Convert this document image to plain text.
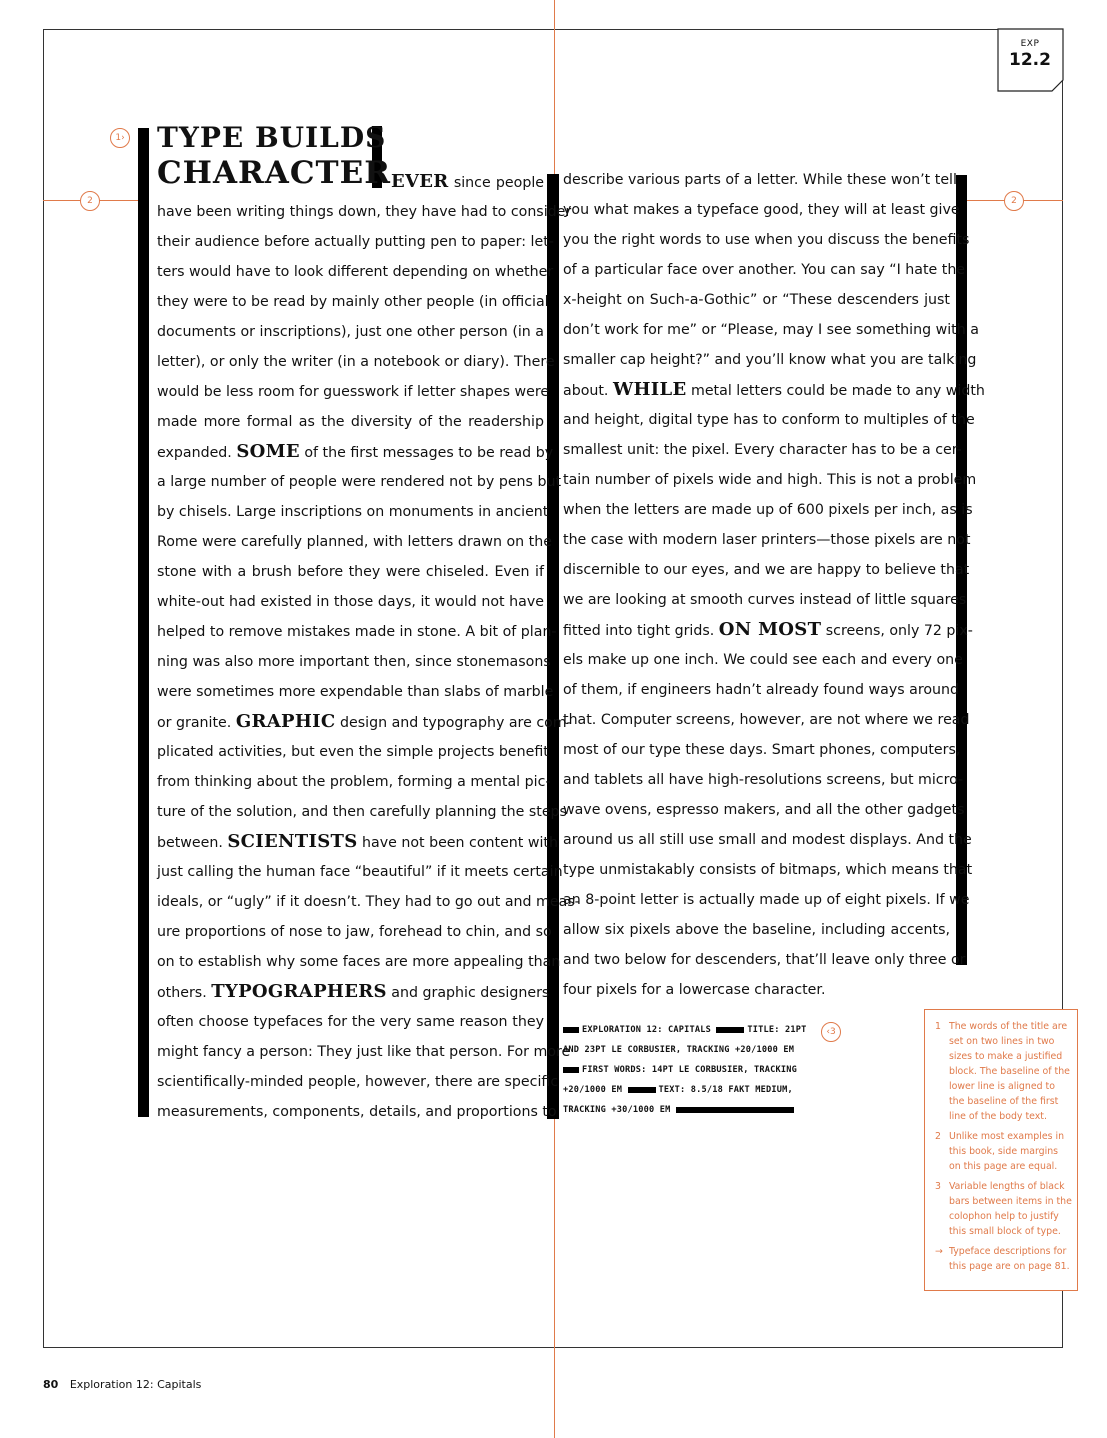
EXP
12.2
1›
2	2
‹3
TYPE BUILDS
CHARACTER EVER since people
have been writing things down, they have had to consider
their audience before actually putting pen to paper: let-
ters would have to look different depending on whether
they were to be read by mainly other people (in official
documents or inscriptions), just one other person (in a
letter), or only the writer (in a notebook or diary). There
would be less room for guesswork if letter shapes were
made more formal as the diversity of the readership
expanded. SOME of the first messages to be read by
a large number of people were rendered not by pens but
by chisels. Large inscriptions on monuments in ancient
Rome were carefully planned, with letters drawn on the
stone with a brush before they were chiseled. Even if
white-out had existed in those days, it would not have
helped to remove mistakes made in stone. A bit of plan-
ning was also more important then, since stonemasons
were sometimes more expendable than slabs of marble
or granite. GRAPHIC design and typography are com-
plicated activities, but even the simple projects benefit
from thinking about the problem, forming a mental pic-
ture of the solution, and then carefully planning the steps
between. SCIENTISTS have not been content with
just calling the human face “beautiful” if it meets certain
ideals, or “ugly” if it doesn’t. They had to go out and meas-
ure proportions of nose to jaw, forehead to chin, and so
on to establish why some faces are more appealing than
others. TYPOGRAPHERS and graphic designers
often choose typefaces for the very same reason they
might fancy a person: They just like that person. For more
scientifically-minded people, however, there are specific
measurements, components, details, and proportions to
describe various parts of a letter. While these won’t tell
you what makes a typeface good, they will at least give
you the right words to use when you discuss the benefits
of a particular face over another. You can say “I hate the
x-height on Such-a-Gothic” or “These descenders just
don’t work for me” or “Please, may I see something with a
smaller cap height?” and you’ll know what you are talking
about. WHILE metal letters could be made to any width
and height, digital type has to conform to multiples of the
smallest unit: the pixel. Every character has to be a cer-
tain number of pixels wide and high. This is not a problem
when the letters are made up of 600 pixels per inch, as is
the case with modern laser printers—those pixels are not
discernible to our eyes, and we are happy to believe that
we are looking at smooth curves instead of little squares
fitted into tight grids. ON MOST screens, only 72 pix-
els make up one inch. We could see each and every one
of them, if engineers hadn’t already found ways around
that. Computer screens, however, are not where we read
most of our type these days. Smart phones, computers,
and tablets all have high-resolutions screens, but micro-
wave ovens, espresso makers, and all the other gadgets
around us all still use small and modest displays. And the
type unmistakably consists of bitmaps, which means that
an 8-point letter is actually made up of eight pixels. If we
allow six pixels above the baseline, including accents,
and two below for descenders, that’ll leave only three or
four pixels for a lowercase character.
EXPLORATION 12: CAPITALS	TITLE: 21PT
AND 23PT LE CORBUSIER, TRACKING +20/1000 EM
FIRST WORDS: 14PT LE CORBUSIER, TRACKING
+20/1000 EM	TEXT: 8.5/18 FAKT MEDIUM,
TRACKING +30/1000 EM
1 The words of the title are
set on two lines in two
sizes to make a justified
block. The baseline of the
lower line is aligned to
the baseline of the first
line of the body text.
2 Unlike most examples in
this book, side margins
on this page are equal.
3 Variable lengths of black
bars between items in the
colophon help to justify
this small block of type.
→ Typeface descriptions for
this page are on page 81.
80 Exploration 12: Capitals
